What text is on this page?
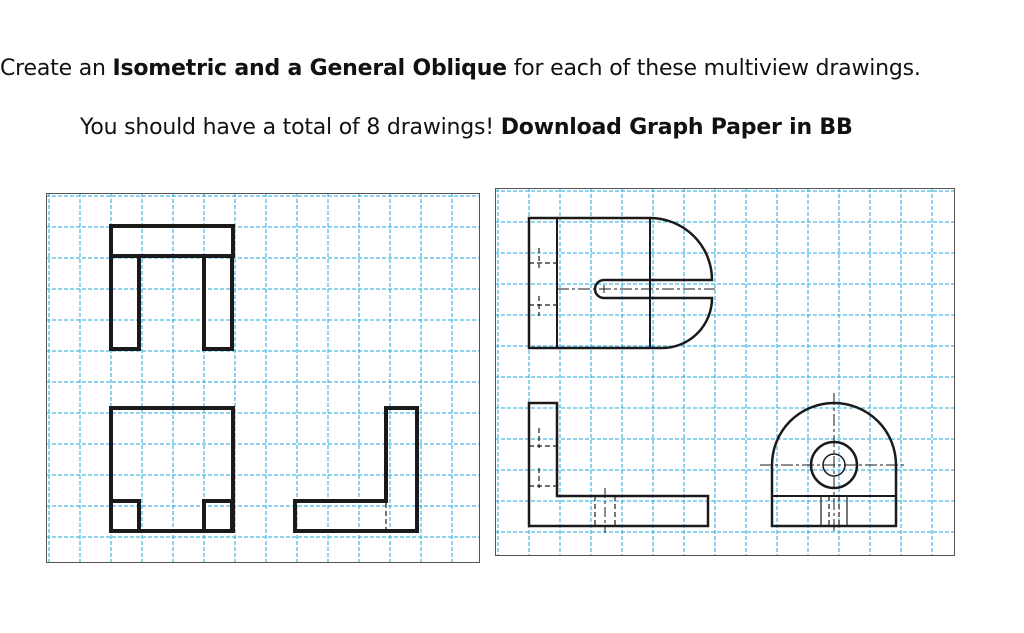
Create an Isometric and a General Oblique for each of these multiview drawings.
You should have a total of 8 drawings! Download Graph Paper in BB
